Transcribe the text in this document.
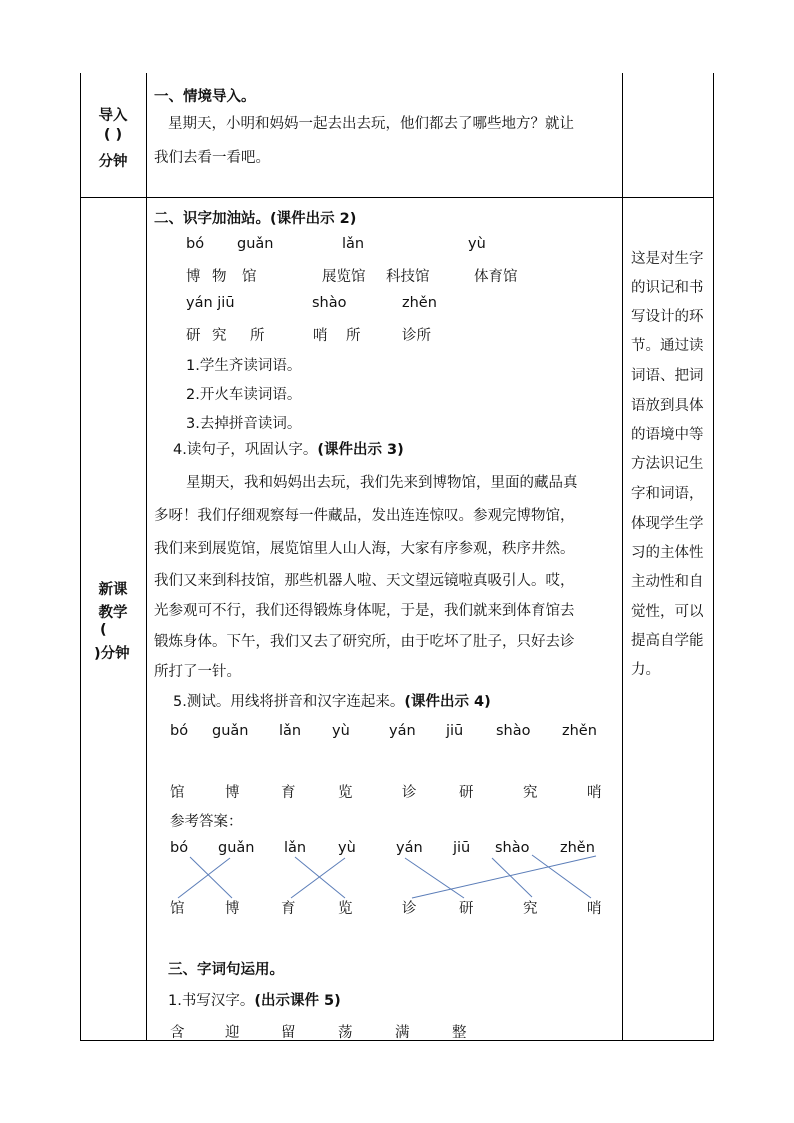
导入
( )
分钟
一、情境导入。
星期天，小明和妈妈一起去出去玩，他们都去了哪些地方？就让
我们去看一看吧。
新课
教学
(
)分钟
二、识字加油站。(课件出示 2)
bó guǎn	lǎn	yù
博 物 馆	展览馆 科技馆	体育馆
yán jiū	shào	zhěn
研 究 所	哨 所	诊所
1.学生齐读词语。
2.开火车读词语。
3.去掉拼音读词。
4.读句子，巩固认字。(课件出示 3)
星期天，我和妈妈出去玩，我们先来到博物馆，里面的藏品真
多呀！我们仔细观察每一件藏品，发出连连惊叹。参观完博物馆，
我们来到展览馆，展览馆里人山人海，大家有序参观，秩序井然。
我们又来到科技馆，那些机器人啦、天文望远镜啦真吸引人。哎，
光参观可不行，我们还得锻炼身体呢，于是，我们就来到体育馆去
锻炼身体。下午，我们又去了研究所，由于吃坏了肚子，只好去诊
所打了一针。
5.测试。用线将拼音和汉字连起来。(课件出示 4)
bó guǎn lǎn yù	yán jiū shào zhěn
馆	博	育	览	诊	研	究	哨
参考答案：
bó guǎn lǎn yù	yán jiū shào zhěn
馆	博	育	览	诊	研	究	哨
三、字词句运用。
1.书写汉字。(出示课件 5)
含	迎	留	荡	满	整
这是对生字
的识记和书
写设计的环
节。通过读
词语、把词
语放到具体
的语境中等
方法识记生
字和词语，
体现学生学
习的主体性
主动性和自
觉性，可以
提高自学能
力。
